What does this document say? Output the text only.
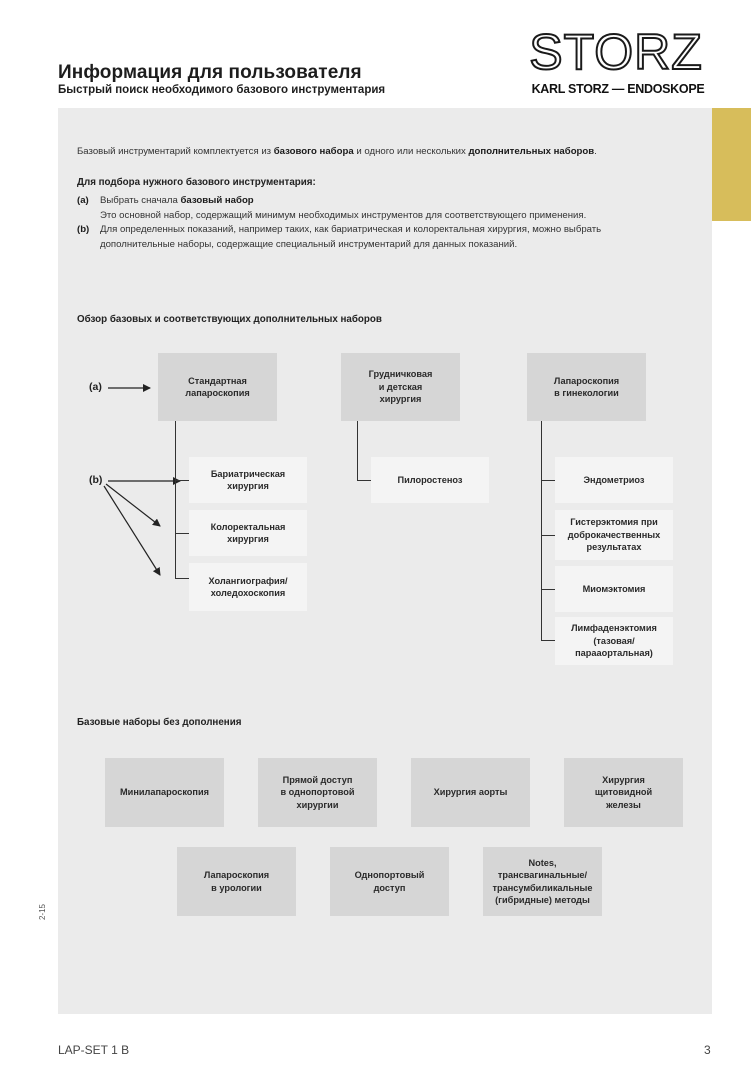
Информация для пользователя
Быстрый поиск необходимого базового инструментария
STORZ
KARL STORZ — ENDOSKOPE
Базовый инструментарий комплектуется из базового набора и одного или нескольких дополнительных наборов.
Для подбора нужного базового инструментария:
(a) Выбрать сначала базовый набор
Это основной набор, содержащий минимум необходимых инструментов для соответствующего применения.
(b) Для определенных показаний, например таких, как бариатрическая и колоректальная хирургия, можно выбрать
дополнительные наборы, содержащие специальный инструментарий для данных показаний.
Обзор базовых и соответствующих дополнительных наборов
(a)
(b)
Стандартная
лапароскопия
Бариатрическая
хирургия
Колоректальная
хирургия
Холангиография/
холедохоскопия
Грудничковая
и детская
хирургия
Пилоростеноз
Лапароскопия
в гинекологии
Эндометриоз
Гистерэктомия при
доброкачественных
результатах
Миомэктомия
Лимфаденэктомия
(тазовая/
парааортальная)
Базовые наборы без дополнения
Минилапароскопия
Прямой доступ
в однопортовой
хирургии
Хирургия аорты
Хирургия
щитовидной
железы
Лапароскопия
в урологии
Однопортовый
доступ
Notes,
трансвагинальные/
трансумбиликальные
(гибридные) методы
2-15
LAP-SET 1 B	3
